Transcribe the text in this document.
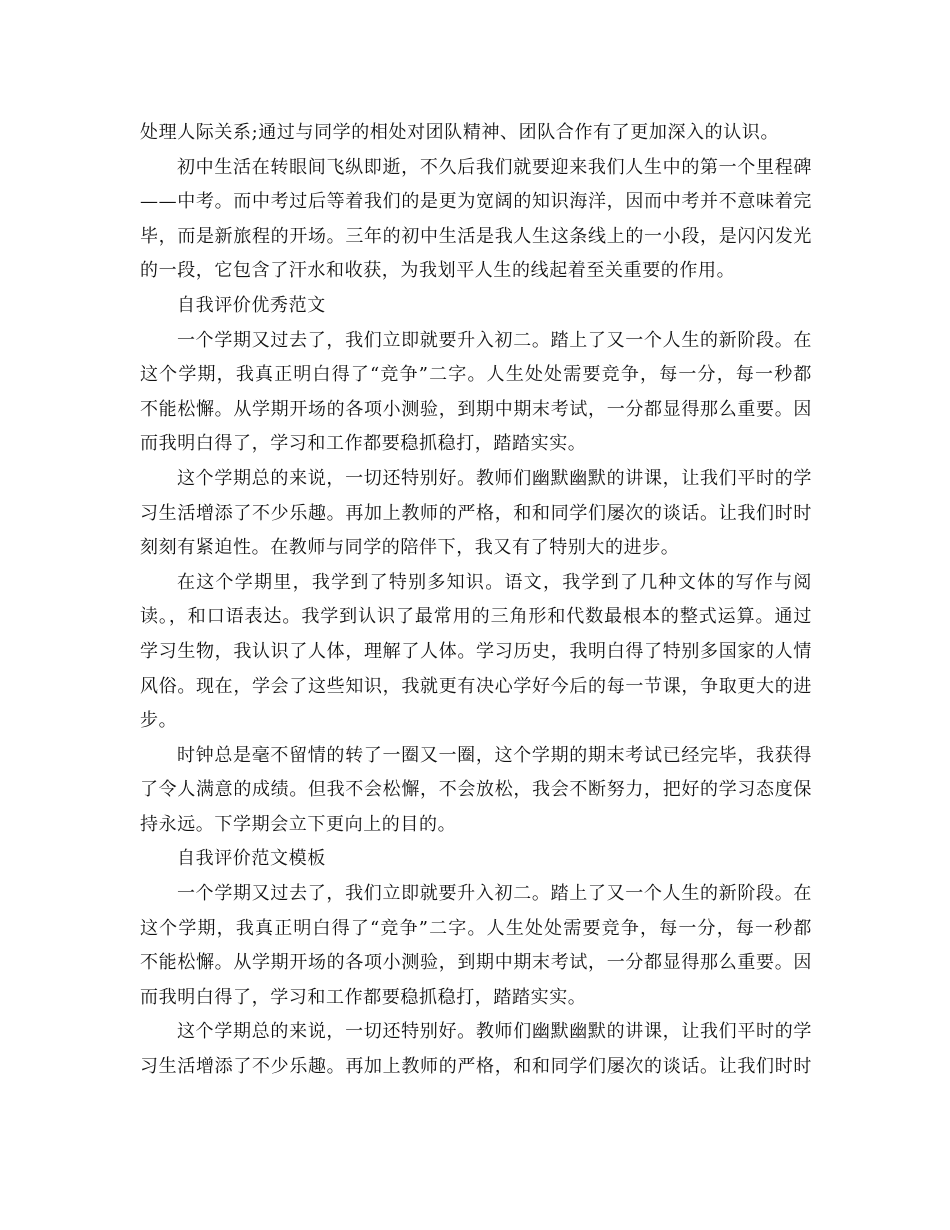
处理人际关系;通过与同学的相处对团队精神、团队合作有了更加深入的认识。
初中生活在转眼间飞纵即逝，不久后我们就要迎来我们人生中的第一个里程碑
——中考。而中考过后等着我们的是更为宽阔的知识海洋，因而中考并不意味着完
毕，而是新旅程的开场。三年的初中生活是我人生这条线上的一小段，是闪闪发光
的一段，它包含了汗水和收获，为我划平人生的线起着至关重要的作用。
自我评价优秀范文
一个学期又过去了，我们立即就要升入初二。踏上了又一个人生的新阶段。在
这个学期，我真正明白得了“竞争”二字。人生处处需要竞争，每一分，每一秒都
不能松懈。从学期开场的各项小测验，到期中期末考试，一分都显得那么重要。因
而我明白得了，学习和工作都要稳抓稳打，踏踏实实。
这个学期总的来说，一切还特别好。教师们幽默幽默的讲课，让我们平时的学
习生活增添了不少乐趣。再加上教师的严格，和和同学们屡次的谈话。让我们时时
刻刻有紧迫性。在教师与同学的陪伴下，我又有了特别大的进步。
在这个学期里，我学到了特别多知识。语文，我学到了几种文体的写作与阅
读。，和口语表达。我学到认识了最常用的三角形和代数最根本的整式运算。通过
学习生物，我认识了人体，理解了人体。学习历史，我明白得了特别多国家的人情
风俗。现在，学会了这些知识，我就更有决心学好今后的每一节课，争取更大的进
步。
时钟总是毫不留情的转了一圈又一圈，这个学期的期末考试已经完毕，我获得
了令人满意的成绩。但我不会松懈，不会放松，我会不断努力，把好的学习态度保
持永远。下学期会立下更向上的目的。
自我评价范文模板
一个学期又过去了，我们立即就要升入初二。踏上了又一个人生的新阶段。在
这个学期，我真正明白得了“竞争”二字。人生处处需要竞争，每一分，每一秒都
不能松懈。从学期开场的各项小测验，到期中期末考试，一分都显得那么重要。因
而我明白得了，学习和工作都要稳抓稳打，踏踏实实。
这个学期总的来说，一切还特别好。教师们幽默幽默的讲课，让我们平时的学
习生活增添了不少乐趣。再加上教师的严格，和和同学们屡次的谈话。让我们时时
